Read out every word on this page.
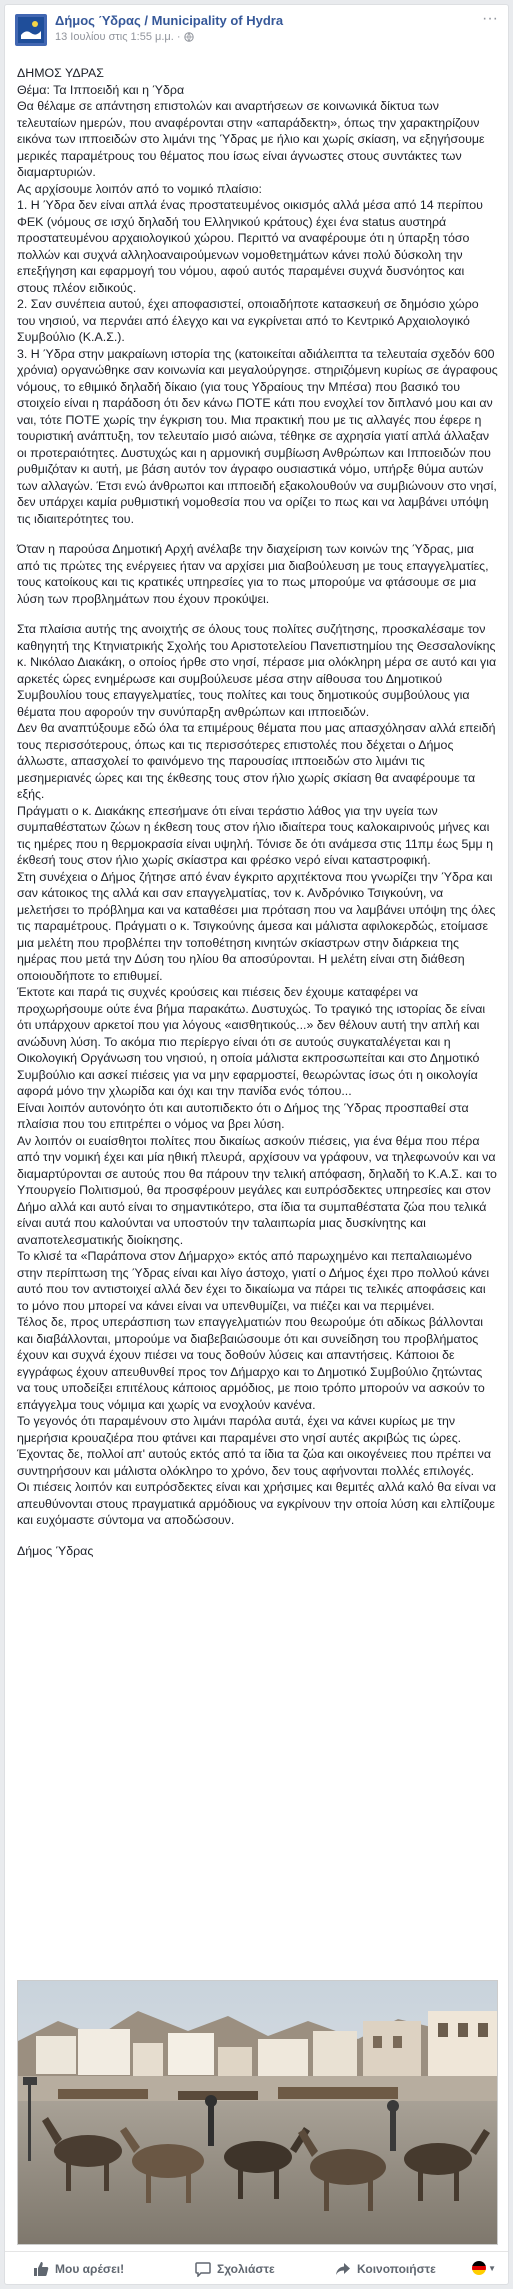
Δήμος Ύδρας / Municipality of Hydra
13 Ιουλίου στις 1:55 μ.μ. ·
···

ΔΗΜΟΣ ΥΔΡΑΣ

Θέμα: Τα Ιπποειδή και η Ύδρα

Θα θέλαμε σε απάντηση επιστολών και αναρτήσεων σε κοινωνικά δίκτυα των τελευταίων ημερών, που αναφέρονται στην «απαράδεκτη», όπως την χαρακτηρίζουν εικόνα των ιπποειδών στο λιμάνι της Ύδρας με ήλιο και χωρίς σκίαση, να εξηγήσουμε μερικές παραμέτρους του θέματος που ίσως είναι άγνωστες στους συντάκτες των διαμαρτυριών.

Ας αρχίσουμε λοιπόν από το νομικό πλαίσιο:

1. Η Ύδρα δεν είναι απλά ένας προστατευμένος οικισμός αλλά μέσα από 14 περίπου ΦΕΚ (νόμους σε ισχύ δηλαδή του Ελληνικού κράτους) έχει ένα status αυστηρά προστατευμένου αρχαιολογικού χώρου. Περιττό να αναφέρουμε ότι η ύπαρξη τόσο πολλών και συχνά αλληλοαναιρούμενων νομοθετημάτων κάνει πολύ δύσκολη την επεξήγηση και εφαρμογή του νόμου, αφού αυτός παραμένει συχνά δυσνόητος και στους πλέον ειδικούς.

2. Σαν συνέπεια αυτού, έχει αποφασιστεί, οποιαδήποτε κατασκευή σε δημόσιο χώρο του νησιού, να περνάει από έλεγχο και να εγκρίνεται από το Κεντρικό Αρχαιολογικό Συμβούλιο (Κ.Α.Σ.).

3. Η Ύδρα στην μακραίωνη ιστορία της (κατοικείται αδιάλειπτα τα τελευταία σχεδόν 600 χρόνια) οργανώθηκε σαν κοινωνία και μεγαλούργησε. στηριζόμενη κυρίως σε άγραφους νόμους, το εθιμικό δηλαδή δίκαιο (για τους Υδραίους την Μπέσα) που βασικό του στοιχείο είναι η παράδοση ότι δεν κάνω ΠΟΤΕ κάτι που ενοχλεί τον διπλανό μου και αν ναι, τότε ΠΟΤΕ χωρίς την έγκριση του. Μια πρακτική που με τις αλλαγές που έφερε η τουριστική ανάπτυξη, τον τελευταίο μισό αιώνα, τέθηκε σε αχρησία γιατί απλά άλλαξαν οι προτεραιότητες. Δυστυχώς και η αρμονική συμβίωση Ανθρώπων και Ιπποειδών που ρυθμιζόταν κι αυτή, με βάση αυτόν τον άγραφο ουσιαστικά νόμο, υπήρξε θύμα αυτών των αλλαγών. Έτσι ενώ άνθρωποι και ιπποειδή εξακολουθούν να συμβιώνουν στο νησί, δεν υπάρχει καμία ρυθμιστική νομοθεσία που να ορίζει το πως και να λαμβάνει υπόψη τις ιδιαιτερότητες του.

Όταν η παρούσα Δημοτική Αρχή ανέλαβε την διαχείριση των κοινών της Ύδρας, μια από τις πρώτες της ενέργειες ήταν να αρχίσει μια διαβούλευση με τους επαγγελματίες, τους κατοίκους και τις κρατικές υπηρεσίες για το πως μπορούμε να φτάσουμε σε μια λύση των προβλημάτων που έχουν προκύψει.

Στα πλαίσια αυτής της ανοιχτής σε όλους τους πολίτες συζήτησης, προσκαλέσαμε τον καθηγητή της Κτηνιατρικής Σχολής του Αριστοτελείου Πανεπιστημίου της Θεσσαλονίκης κ. Νικόλαο Διακάκη, ο οποίος ήρθε στο νησί, πέρασε μια ολόκληρη μέρα σε αυτό και για αρκετές ώρες ενημέρωσε και συμβούλευσε μέσα στην αίθουσα του Δημοτικού Συμβουλίου τους επαγγελματίες, τους πολίτες και τους δημοτικούς συμβούλους για θέματα που αφορούν την συνύπαρξη ανθρώπων και ιπποειδών.

Δεν θα αναπτύξουμε εδώ όλα τα επιμέρους θέματα που μας απασχόλησαν αλλά επειδή τους περισσότερους, όπως και τις περισσότερες επιστολές που δέχεται ο Δήμος άλλωστε, απασχολεί το φαινόμενο της παρουσίας ιπποειδών στο λιμάνι τις μεσημεριανές ώρες και της έκθεσης τους στον ήλιο χωρίς σκίαση θα αναφέρουμε τα εξής.

Πράγματι ο κ. Διακάκης επεσήμανε ότι είναι τεράστιο λάθος για την υγεία των συμπαθέστατων ζώων η έκθεση τους στον ήλιο ιδιαίτερα τους καλοκαιρινούς μήνες και τις ημέρες που η θερμοκρασία είναι υψηλή. Τόνισε δε ότι ανάμεσα στις 11πμ έως 5μμ η έκθεσή τους στον ήλιο χωρίς σκίαστρα και φρέσκο νερό είναι καταστροφική.

Στη συνέχεια ο Δήμος ζήτησε από έναν έγκριτο αρχιτέκτονα που γνωρίζει την Ύδρα και σαν κάτοικος της αλλά και σαν επαγγελματίας, τον κ. Ανδρόνικο Τσιγκούνη, να μελετήσει το πρόβλημα και να καταθέσει μια πρόταση που να λαμβάνει υπόψη της όλες τις παραμέτρους. Πράγματι ο κ. Τσιγκούνης άμεσα και μάλιστα αφιλοκερδώς, ετοίμασε μια μελέτη που προβλέπει την τοποθέτηση κινητών σκίαστρων στην διάρκεια της ημέρας που μετά την Δύση του ηλίου θα αποσύρονται. Η μελέτη είναι στη διάθεση οποιουδήποτε το επιθυμεί.

Έκτοτε και παρά τις συχνές κρούσεις και πιέσεις δεν έχουμε καταφέρει να προχωρήσουμε ούτε ένα βήμα παρακάτω. Δυστυχώς. Το τραγικό της ιστορίας δε είναι ότι υπάρχουν αρκετοί που για λόγους «αισθητικούς...» δεν θέλουν αυτή την απλή και ανώδυνη λύση. Το ακόμα πιο περίεργο είναι ότι σε αυτούς συγκαταλέγεται και η Οικολογική Οργάνωση του νησιού, η οποία μάλιστα εκπροσωπείται και στο Δημοτικό Συμβούλιο και ασκεί πιέσεις για να μην εφαρμοστεί, θεωρώντας ίσως ότι η οικολογία αφορά μόνο την χλωρίδα και όχι και την πανίδα ενός τόπου...

Είναι λοιπόν αυτονόητο ότι και αυτοπιδεκτο ότι ο Δήμος της Ύδρας προσπαθεί στα πλαίσια που του επιτρέπει ο νόμος να βρει λύση.

Αν λοιπόν οι ευαίσθητοι πολίτες που δικαίως ασκούν πιέσεις, για ένα θέμα που πέρα από την νομική έχει και μία ηθική πλευρά, αρχίσουν να γράφουν, να τηλεφωνούν και να διαμαρτύρονται σε αυτούς που θα πάρουν την τελική απόφαση, δηλαδή το Κ.Α.Σ. και το Υπουργείο Πολιτισμού, θα προσφέρουν μεγάλες και ευπρόσδεκτες υπηρεσίες και στον Δήμο αλλά και αυτό είναι το σημαντικότερο, στα ίδια τα συμπαθέστατα ζώα που τελικά είναι αυτά που καλούνται να υποστούν την ταλαιπωρία μιας δυσκίνητης και αναποτελεσματικής διοίκησης.

Το κλισέ τα «Παράπονα στον Δήμαρχο» εκτός από παρωχημένο και πεπαλαιωμένο στην περίπτωση της Ύδρας είναι και λίγο άστοχο, γιατί ο Δήμος έχει προ πολλού κάνει αυτό που τον αντιστοιχεί αλλά δεν έχει το δικαίωμα να πάρει τις τελικές αποφάσεις και το μόνο που μπορεί να κάνει είναι να υπενθυμίζει, να πιέζει και να περιμένει.

Τέλος δε, προς υπεράσπιση των επαγγελματιών που θεωρούμε ότι αδίκως βάλλονται και διαβάλλονται, μπορούμε να διαβεβαιώσουμε ότι και συνείδηση του προβλήματος έχουν και συχνά έχουν πιέσει να τους δοθούν λύσεις και απαντήσεις. Κάποιοι δε εγγράφως έχουν απευθυνθεί προς τον Δήμαρχο και το Δημοτικό Συμβούλιο ζητώντας να τους υποδείξει επιτέλους κάποιος αρμόδιος, με ποιο τρόπο μπορούν να ασκούν το επάγγελμα τους νόμιμα και χωρίς να ενοχλούν κανένα.

Το γεγονός ότι παραμένουν στο λιμάνι παρόλα αυτά, έχει να κάνει κυρίως με την ημερήσια κρουαζιέρα που φτάνει και παραμένει στο νησί αυτές ακριβώς τις ώρες. Έχοντας δε, πολλοί απ' αυτούς εκτός από τα ίδια τα ζώα και οικογένειες που πρέπει να συντηρήσουν και μάλιστα ολόκληρο το χρόνο, δεν τους αφήνονται πολλές επιλογές.

Οι πιέσεις λοιπόν και ευπρόσδεκτες είναι και χρήσιμες και θεμιτές αλλά καλό θα είναι να απευθύνονται στους πραγματικά αρμόδιους να εγκρίνουν την οποία λύση και ελπίζουμε και ευχόμαστε σύντομα να αποδώσουν.

Δήμος Ύδρας

Μου αρέσει!	Σχολιάστε	Κοινοποιήστε	▼
